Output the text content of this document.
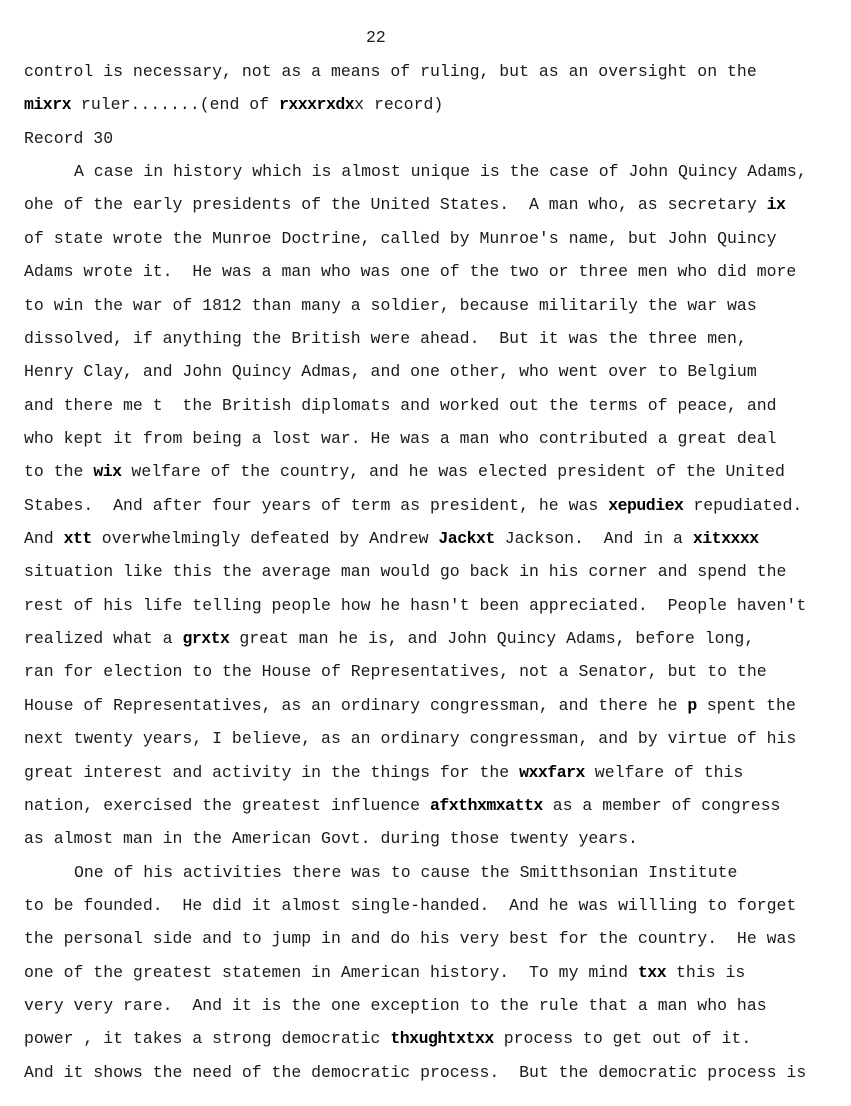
22
control is necessary, not as a means of ruling, but as an oversight on the
mixrx ruler.......(end of rxxxrxdxx record)
Record 30
A case in history which is almost unique is the case of John Quincy Adams,
ohe of the early presidents of the United States.  A man who, as secretary ix
of state wrote the Munroe Doctrine, called by Munroe's name, but John Quincy
Adams wrote it.  He was a man who was one of the two or three men who did more
to win the war of 1812 than many a soldier, because militarily the war was
dissolved, if anything the British were ahead.  But it was the three men,
Henry Clay, and John Quincy Admas, and one other, who went over to Belgium
and there me t  the British diplomats and worked out the terms of peace, and
who kept it from being a lost war. He was a man who contributed a great deal
to the wix welfare of the country, and he was elected president of the United
Stabes.  And after four years of term as president, he was xepudiex repudiated.
And xtt overwhelmingly defeated by Andrew Jackxt Jackson.  And in a xitxxxx
situation like this the average man would go back in his corner and spend the
rest of his life telling people how he hasn't been appreciated.  People haven't
realized what a grxtx great man he is, and John Quincy Adams, before long,
ran for election to the House of Representatives, not a Senator, but to the
House of Representatives, as an ordinary congressman, and there he p spent the
next twenty years, I believe, as an ordinary congressman, and by virtue of his
great interest and activity in the things for the wxxfarx welfare of this
nation, exercised the greatest influence afxthxmxattx as a member of congress
as almost man in the American Govt. during those twenty years.
One of his activities there was to cause the Smitthsonian Institute
to be founded.  He did it almost single-handed.  And he was willling to forget
the personal side and to jump in and do his very best for the country.  He was
one of the greatest statemen in American history.  To my mind txx this is
very very rare.  And it is the one exception to the rule that a man who has
power , it takes a strong democratic thxughtxtxx process to get out of it.
And it shows the need of the democratic process.  But the democratic process is
